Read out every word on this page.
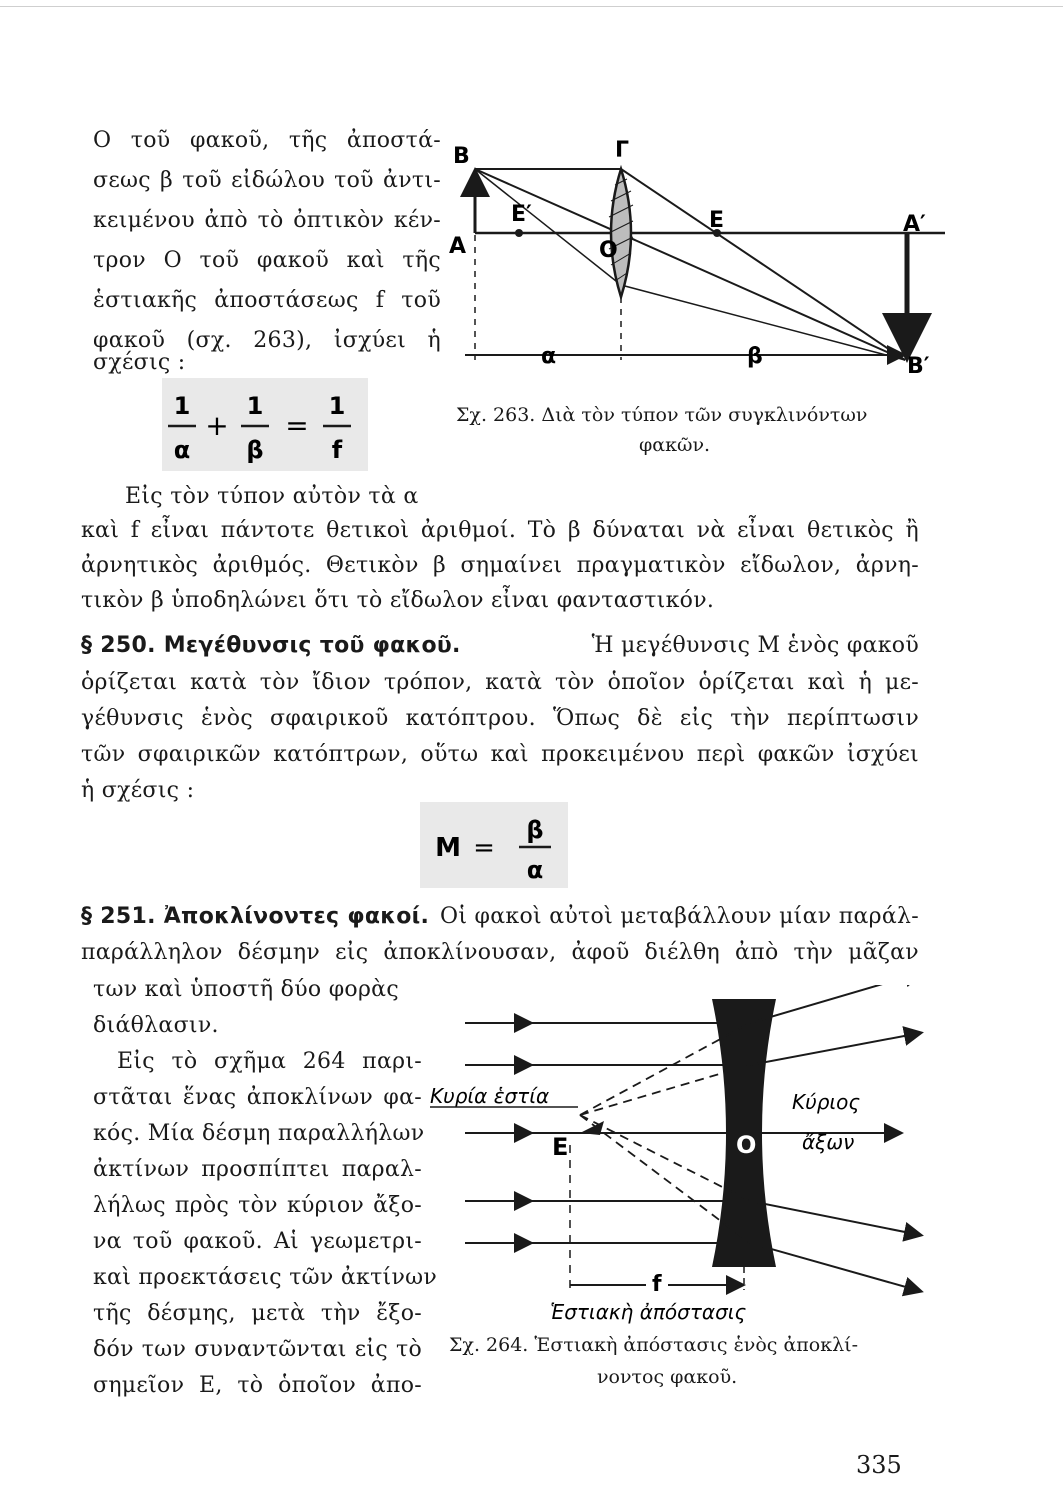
Ο τοῦ φακοῦ, τῆς ἀποστά-
σεως β τοῦ εἰδώλου τοῦ ἀντι-
κειμένου ἀπὸ τὸ ὀπτικὸν κέν-
τρον Ο τοῦ φακοῦ καὶ τῆς
ἑστιακῆς ἀποστάσεως f τοῦ
φακοῦ (σχ. 263), ἰσχύει ἡ
σχέσις :
1
α
+
1
β
=
1
f
B	Γ
E′	E	A′
A	O
α	β	B′
Σχ. 263. Διὰ τὸν τύπον τῶν συγκλινόντων
φακῶν.
Εἰς τὸν τύπον αὐτὸν τὰ α
καὶ f εἶναι πάντοτε θετικοὶ ἀριθμοί. Τὸ β δύναται νὰ εἶναι θετικὸς ἢ
ἀρνητικὸς ἀριθμός. Θετικὸν β σημαίνει πραγματικὸν εἴδωλον, ἀρνη-
τικὸν β ὑποδηλώνει ὅτι τὸ εἴδωλον εἶναι φανταστικόν.
§ 250. Μεγέθυνσις τοῦ φακοῦ.	Ἡ μεγέθυνσις Μ ἑνὸς φακοῦ
ὁρίζεται κατὰ τὸν ἴδιον τρόπον, κατὰ τὸν ὁποῖον ὁρίζεται καὶ ἡ με-
γέθυνσις ἑνὸς σφαιρικοῦ κατόπτρου. Ὅπως δὲ εἰς τὴν περίπτωσιν
τῶν σφαιρικῶν κατόπτρων, οὕτω καὶ προκειμένου περὶ φακῶν ἰσχύει
ἡ σχέσις :
M =
β
α
§ 251. Ἀποκλίνοντες φακοί. Οἱ φακοὶ αὐτοὶ μεταβάλλουν μίαν παράλ-
παράλληλον δέσμην εἰς ἀποκλίνουσαν, ἀφοῦ διέλθη ἀπὸ τὴν μᾶζαν
των καὶ ὑποστῆ δύο φορὰς
διάθλασιν.
Εἰς τὸ σχῆμα 264 παρι-
στᾶται ἕνας ἀποκλίνων φα-
κός. Μία δέσμη παραλλήλων
ἀκτίνων προσπίπτει παραλ-
λήλως πρὸς τὸν κύριον ἄξο-
να τοῦ φακοῦ. Αἱ γεωμετρι-
καὶ προεκτάσεις τῶν ἀκτίνων
τῆς δέσμης, μετὰ τὴν ἔξο-
δόν των συναντῶνται εἰς τὸ
σημεῖον Ε, τὸ ὁποῖον ἀπο-
Κυρία ἑστία	Κύριος
ἄξων
E	O
f
Ἑστιακὴ ἀπόστασις
Σχ. 264. Ἑστιακὴ ἀπόστασις ἑνὸς ἀποκλί-
νοντος φακοῦ.
335
